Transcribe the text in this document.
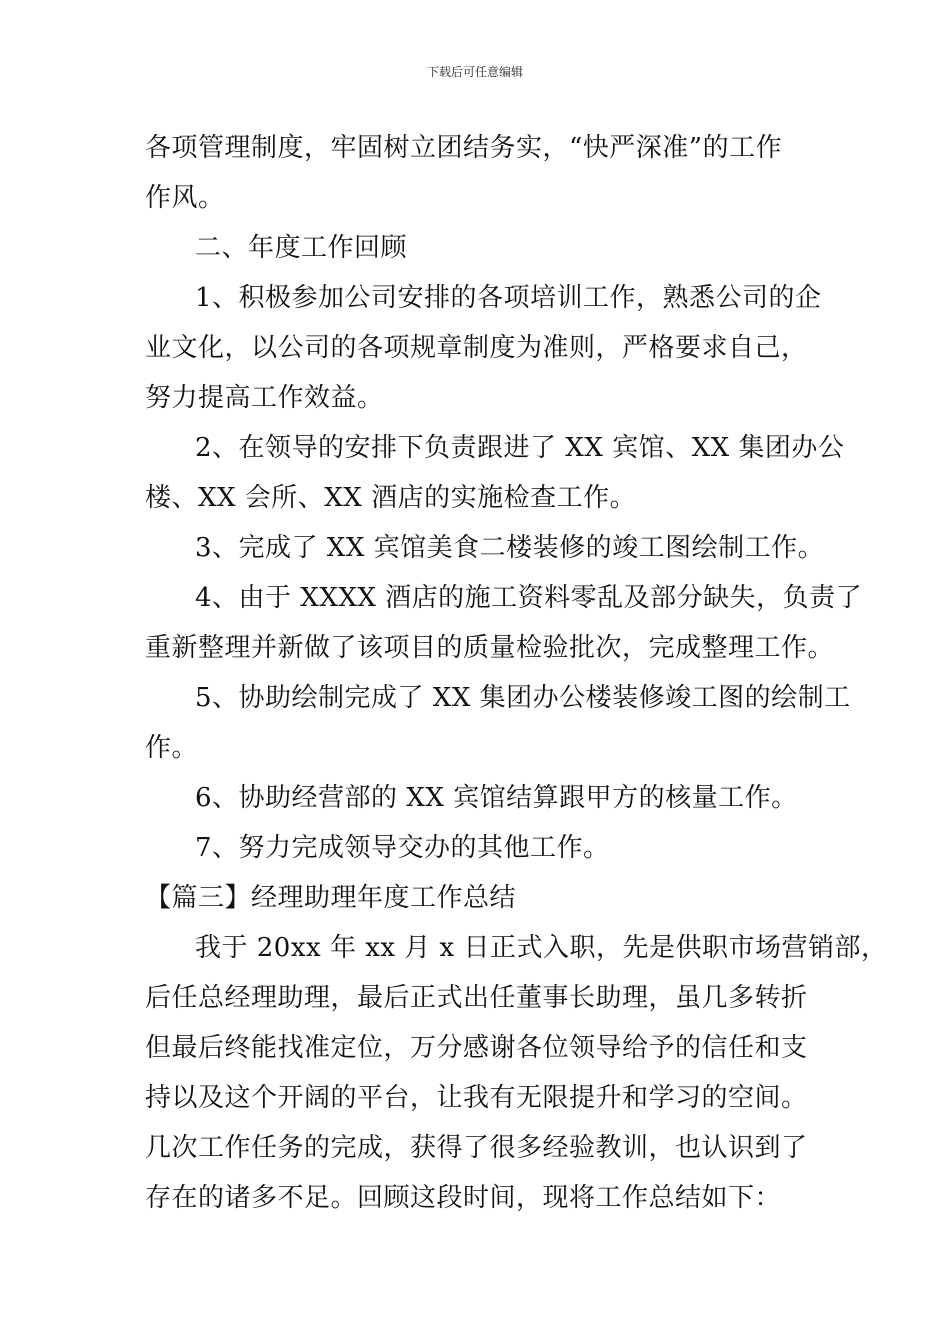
下载后可任意编辑
各项管理制度，牢固树立团结务实，“快严深准”的工作
作风。
二、年度工作回顾
1、积极参加公司安排的各项培训工作，熟悉公司的企
业文化，以公司的各项规章制度为准则，严格要求自己，
努力提高工作效益。
2、在领导的安排下负责跟进了 XX 宾馆、XX 集团办公
楼、XX 会所、XX 酒店的实施检查工作。
3、完成了 XX 宾馆美食二楼装修的竣工图绘制工作。
4、由于 XXXX 酒店的施工资料零乱及部分缺失，负责了
重新整理并新做了该项目的质量检验批次，完成整理工作。
5、协助绘制完成了 XX 集团办公楼装修竣工图的绘制工
作。
6、协助经营部的 XX 宾馆结算跟甲方的核量工作。
7、努力完成领导交办的其他工作。
【篇三】经理助理年度工作总结
我于 20xx 年 xx 月 x 日正式入职，先是供职市场营销部，
后任总经理助理，最后正式出任董事长助理，虽几多转折
但最后终能找准定位，万分感谢各位领导给予的信任和支
持以及这个开阔的平台，让我有无限提升和学习的空间。
几次工作任务的完成，获得了很多经验教训，也认识到了
存在的诸多不足。回顾这段时间，现将工作总结如下：
